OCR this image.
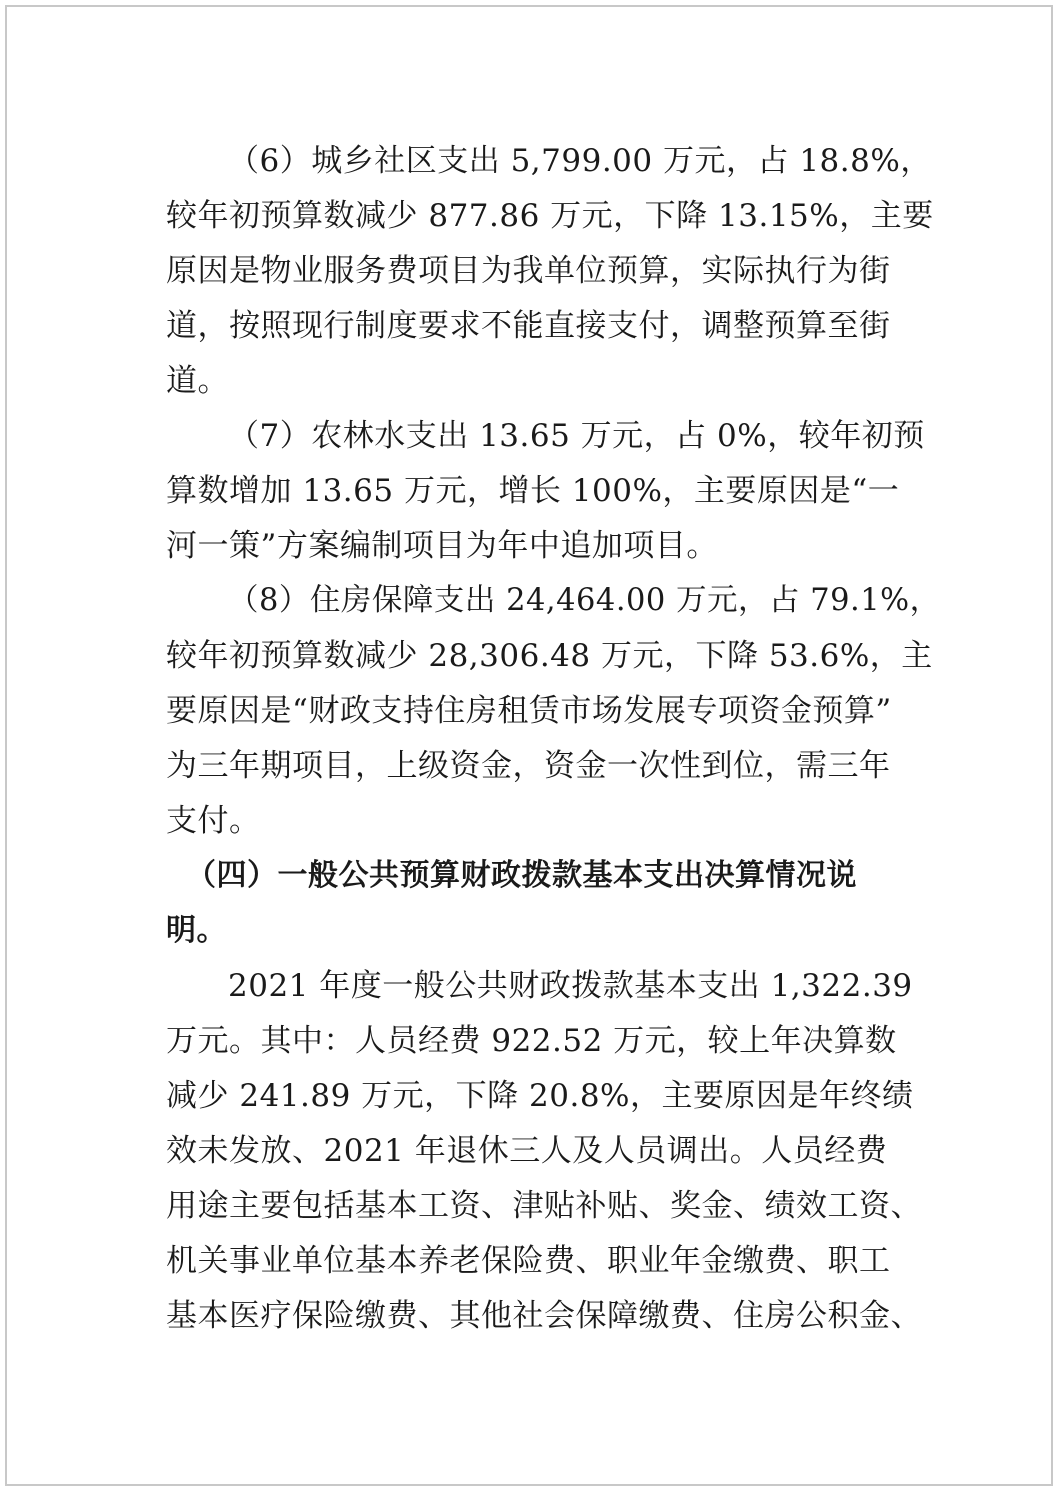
（6）城乡社区支出 5,799.00 万元，占 18.8%，

较年初预算数减少 877.86 万元，下降 13.15%，主要

原因是物业服务费项目为我单位预算，实际执行为街

道，按照现行制度要求不能直接支付，调整预算至街

道。

（7）农林水支出 13.65 万元，占 0%，较年初预

算数增加 13.65 万元，增长 100%，主要原因是“一

河一策”方案编制项目为年中追加项目。

（8）住房保障支出 24,464.00 万元，占 79.1%，

较年初预算数减少 28,306.48 万元，下降 53.6%，主

要原因是“财政支持住房租赁市场发展专项资金预算”

为三年期项目，上级资金，资金一次性到位，需三年

支付。

（四）一般公共预算财政拨款基本支出决算情况说

明。

2021 年度一般公共财政拨款基本支出 1,322.39

万元。其中：人员经费 922.52 万元，较上年决算数

减少 241.89 万元，下降 20.8%，主要原因是年终绩

效未发放、2021 年退休三人及人员调出。人员经费

用途主要包括基本工资、津贴补贴、奖金、绩效工资、

机关事业单位基本养老保险费、职业年金缴费、职工

基本医疗保险缴费、其他社会保障缴费、住房公积金、
